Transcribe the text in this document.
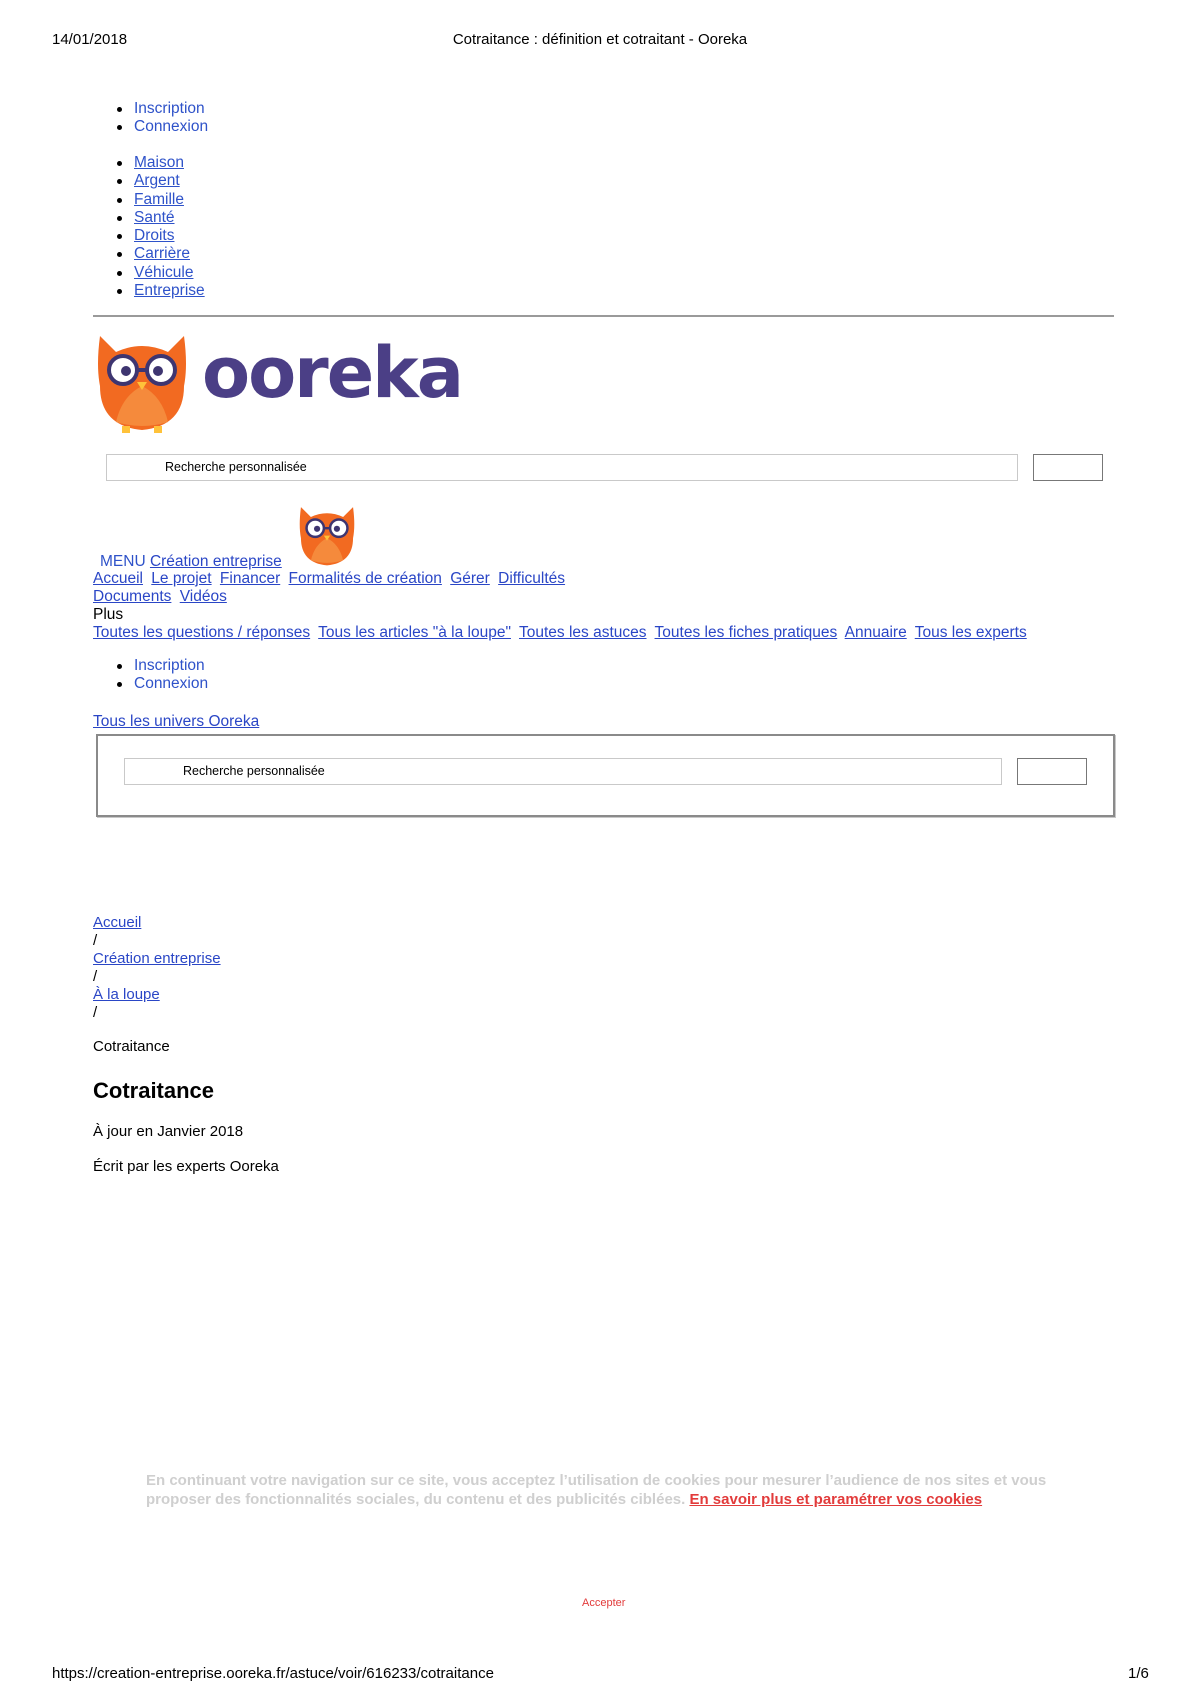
14/01/2018	Cotraitance : définition et cotraitant - Ooreka
Inscription
Connexion
Maison
Argent
Famille
Santé
Droits
Carrière
Véhicule
Entreprise
ooreka
Recherche personnalisée
MENU Création entreprise
Accueil Le projet Financer Formalités de création Gérer Difficultés
Documents Vidéos
Plus
Toutes les questions / réponses Tous les articles "à la loupe" Toutes les astuces Toutes les fiches pratiques Annuaire Tous les experts
Inscription
Connexion
Tous les univers Ooreka
Recherche personnalisée
Accueil
/
Création entreprise
/
À la loupe
/
Cotraitance
Cotraitance
À jour en Janvier 2018
Écrit par les experts Ooreka
En continuant votre navigation sur ce site, vous acceptez l’utilisation de cookies pour mesurer l’audience de nos sites et vous proposer des fonctionnalités sociales, du contenu et des publicités ciblées. En savoir plus et paramétrer vos cookies
Accepter
https://creation-entreprise.ooreka.fr/astuce/voir/616233/cotraitance	1/6
